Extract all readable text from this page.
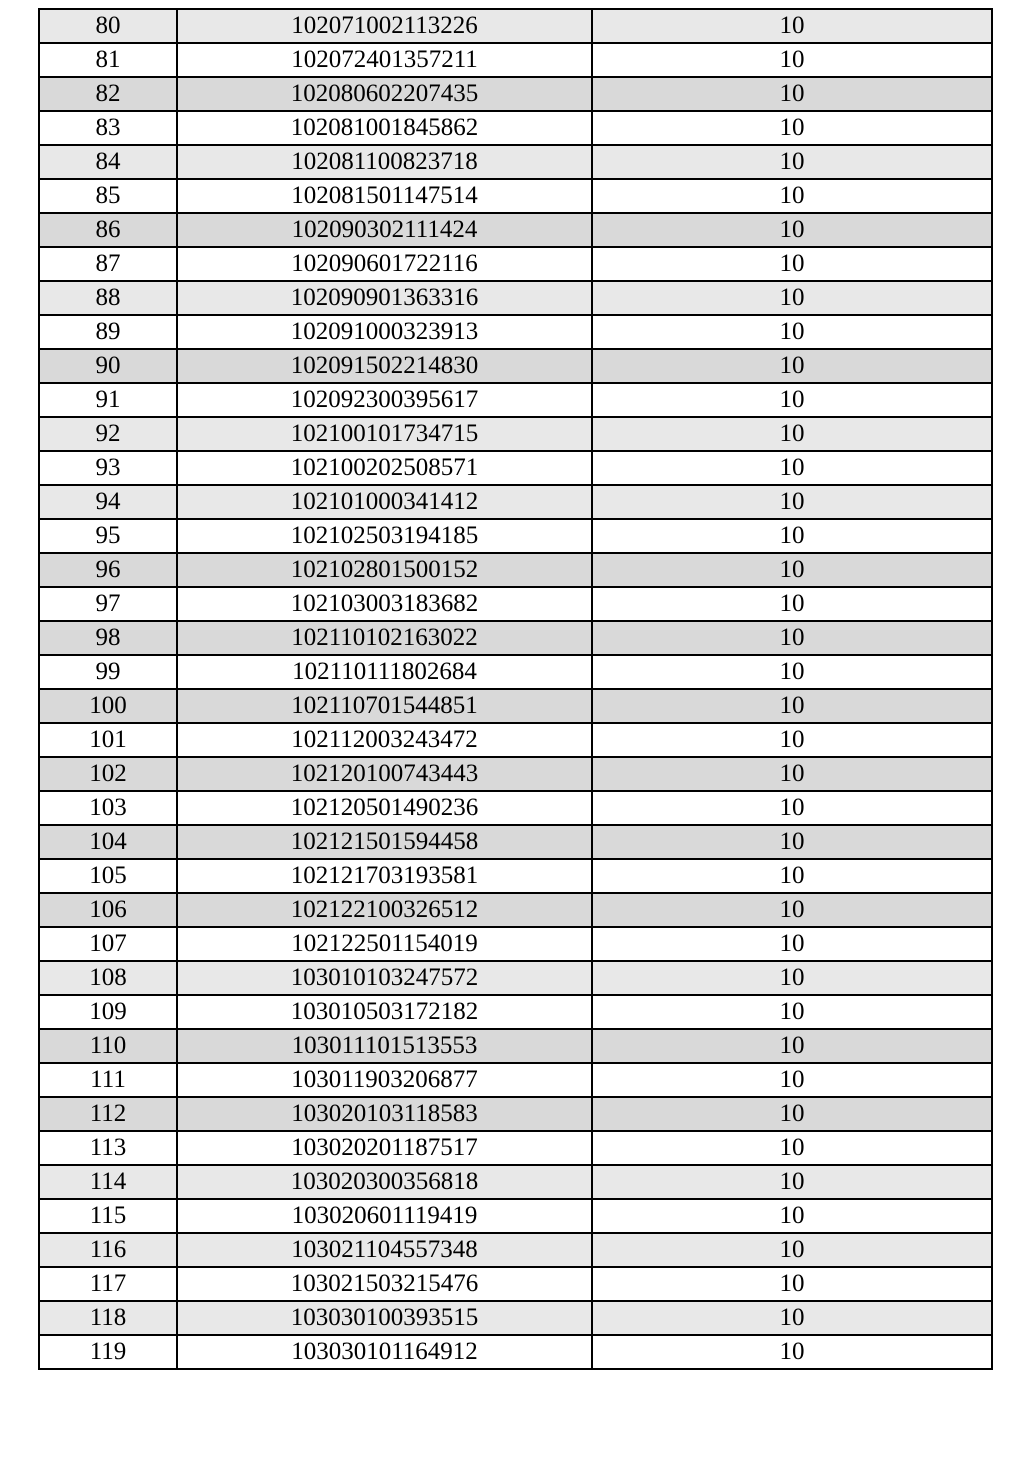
80	102071002113226	10
81	102072401357211	10
82	102080602207435	10
83	102081001845862	10
84	102081100823718	10
85	102081501147514	10
86	102090302111424	10
87	102090601722116	10
88	102090901363316	10
89	102091000323913	10
90	102091502214830	10
91	102092300395617	10
92	102100101734715	10
93	102100202508571	10
94	102101000341412	10
95	102102503194185	10
96	102102801500152	10
97	102103003183682	10
98	102110102163022	10
99	102110111802684	10
100	102110701544851	10
101	102112003243472	10
102	102120100743443	10
103	102120501490236	10
104	102121501594458	10
105	102121703193581	10
106	102122100326512	10
107	102122501154019	10
108	103010103247572	10
109	103010503172182	10
110	103011101513553	10
111	103011903206877	10
112	103020103118583	10
113	103020201187517	10
114	103020300356818	10
115	103020601119419	10
116	103021104557348	10
117	103021503215476	10
118	103030100393515	10
119	103030101164912	10
